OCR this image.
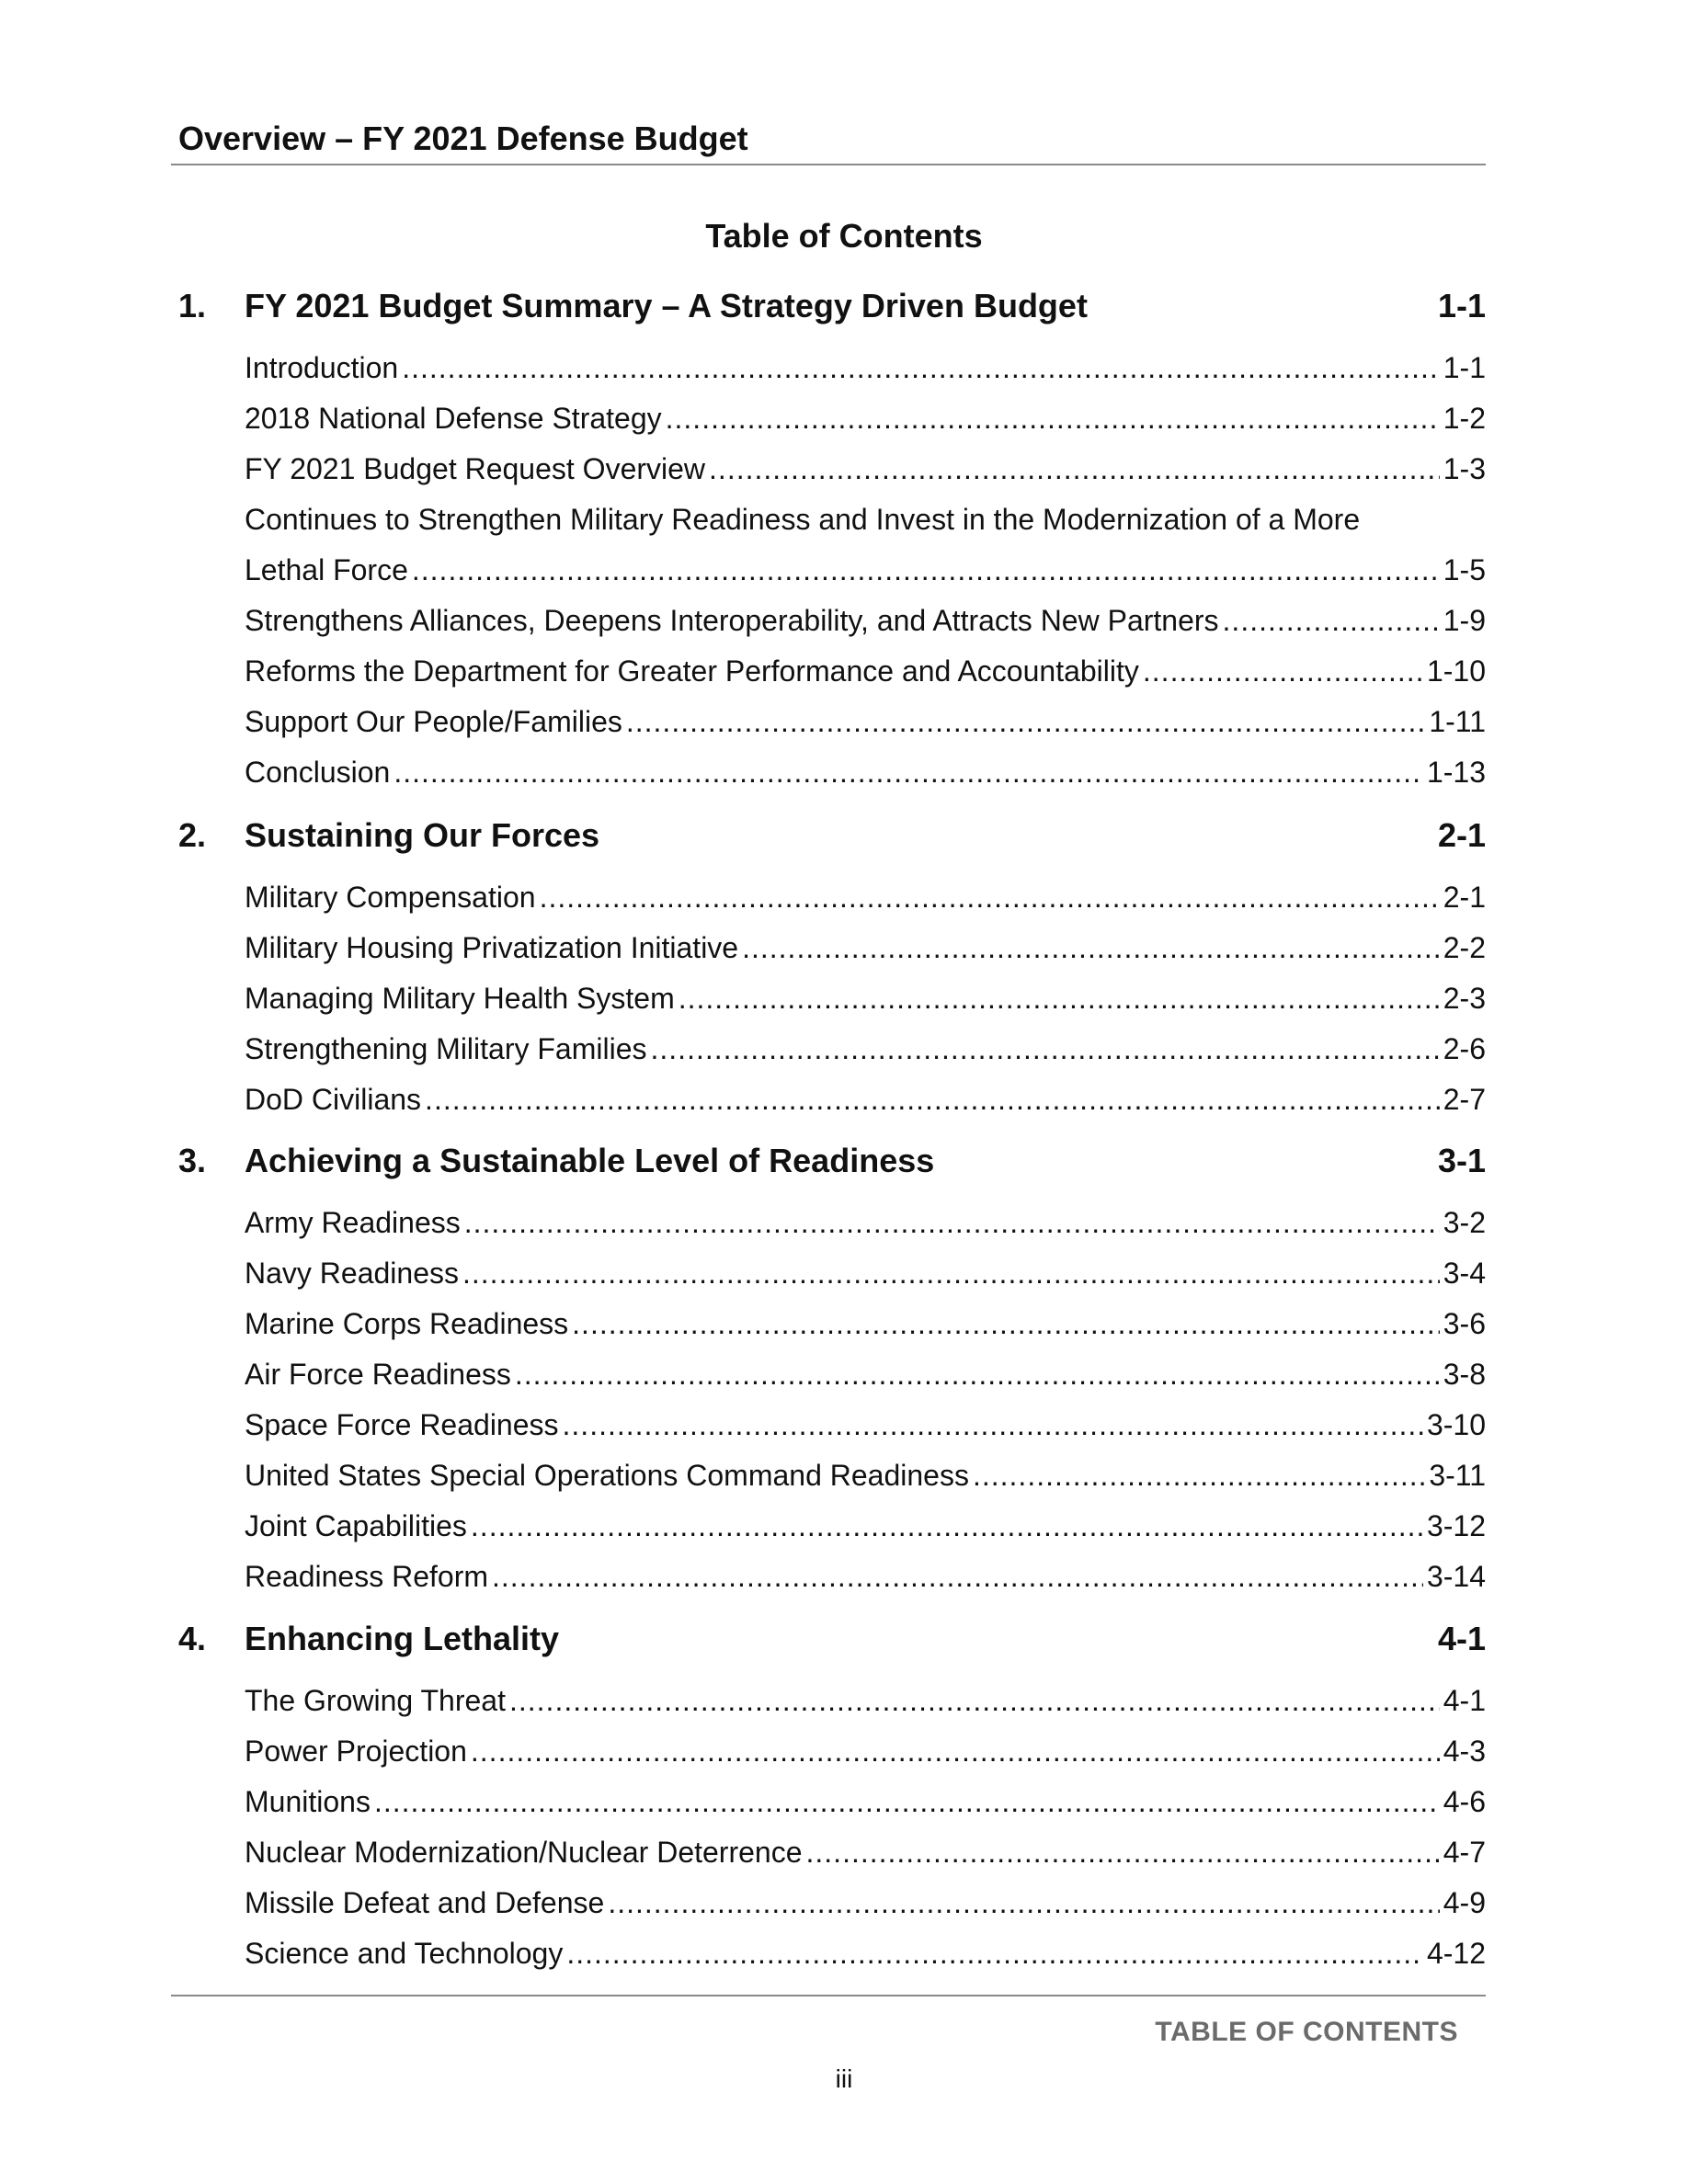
Overview – FY 2021 Defense Budget
Table of Contents
1. FY 2021 Budget Summary – A Strategy Driven Budget	1-1
Introduction .....	1-1
2018 National Defense Strategy .....	1-2
FY 2021 Budget Request Overview .....	1-3
Continues to Strengthen Military Readiness and Invest in the Modernization of a More
Lethal Force .....	1-5
Strengthens Alliances, Deepens Interoperability, and Attracts New Partners .....	1-9
Reforms the Department for Greater Performance and Accountability .....	1-10
Support Our People/Families .....	1-11
Conclusion .....	1-13
2. Sustaining Our Forces	2-1
Military Compensation .....	2-1
Military Housing Privatization Initiative .....	2-2
Managing Military Health System .....	2-3
Strengthening Military Families .....	2-6
DoD Civilians .....	2-7
3. Achieving a Sustainable Level of Readiness	3-1
Army Readiness .....	3-2
Navy Readiness .....	3-4
Marine Corps Readiness .....	3-6
Air Force Readiness .....	3-8
Space Force Readiness .....	3-10
United States Special Operations Command Readiness .....	3-11
Joint Capabilities .....	3-12
Readiness Reform .....	3-14
4. Enhancing Lethality	4-1
The Growing Threat .....	4-1
Power Projection .....	4-3
Munitions .....	4-6
Nuclear Modernization/Nuclear Deterrence .....	4-7
Missile Defeat and Defense .....	4-9
Science and Technology .....	4-12
TABLE OF CONTENTS
iii
